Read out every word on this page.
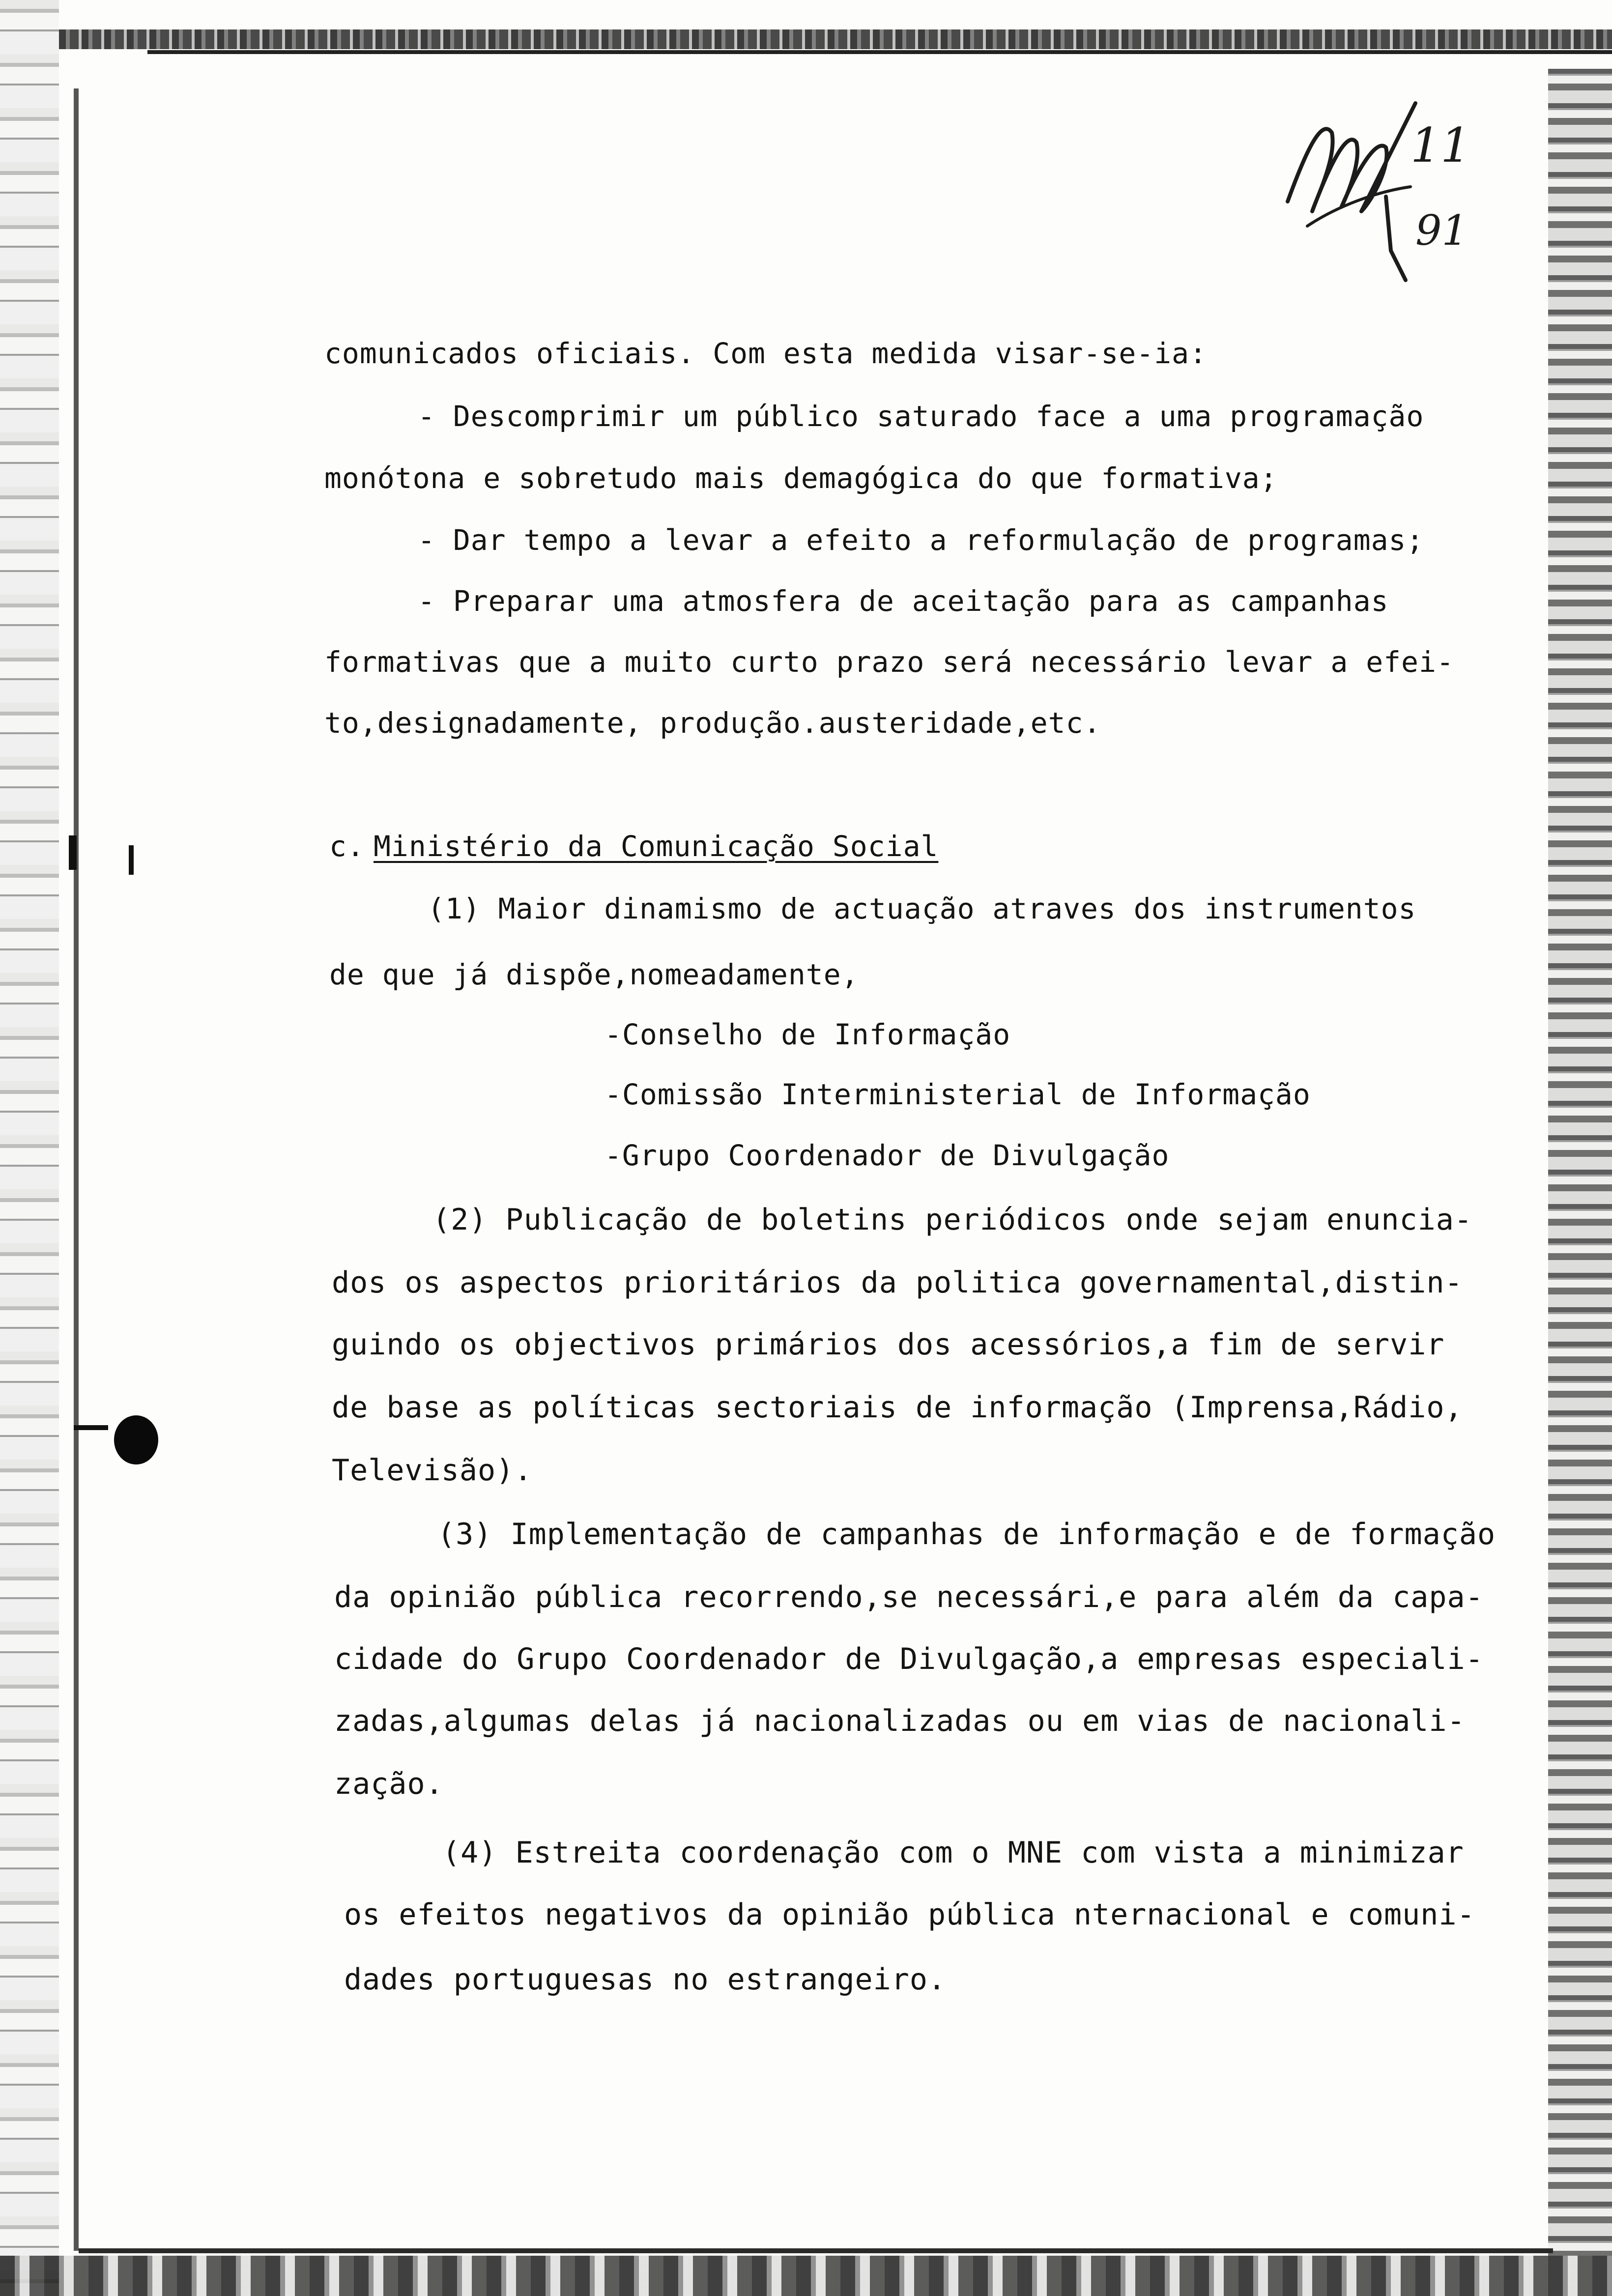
11
91
comunicados oficiais. Com esta medida visar-se-ia:
- Descomprimir um público saturado face a uma programação
monótona e sobretudo mais demagógica do que formativa;
- Dar tempo a levar a efeito a reformulação de programas;
- Preparar uma atmosfera de aceitação para as campanhas
formativas que a muito curto prazo será necessário levar a efei-
to,designadamente, produção.austeridade,etc.
c. Ministério da Comunicação Social
(1) Maior dinamismo de actuação atraves dos instrumentos
de que já dispõe,nomeadamente,
-Conselho de Informação
-Comissão Interministerial de Informação
-Grupo Coordenador de Divulgação
(2) Publicação de boletins periódicos onde sejam enuncia-
dos os aspectos prioritários da politica governamental,distin-
guindo os objectivos primários dos acessórios,a fim de servir
de base as políticas sectoriais de informação (Imprensa,Rádio,
Televisão).
(3) Implementação de campanhas de informação e de formação
da opinião pública recorrendo,se necessári,e para além da capa-
cidade do Grupo Coordenador de Divulgação,a empresas especiali-
zadas,algumas delas já nacionalizadas ou em vias de nacionali-
zação.
(4) Estreita coordenação com o MNE com vista a minimizar
os efeitos negativos da opinião pública nternacional e comuni-
dades portuguesas no estrangeiro.
